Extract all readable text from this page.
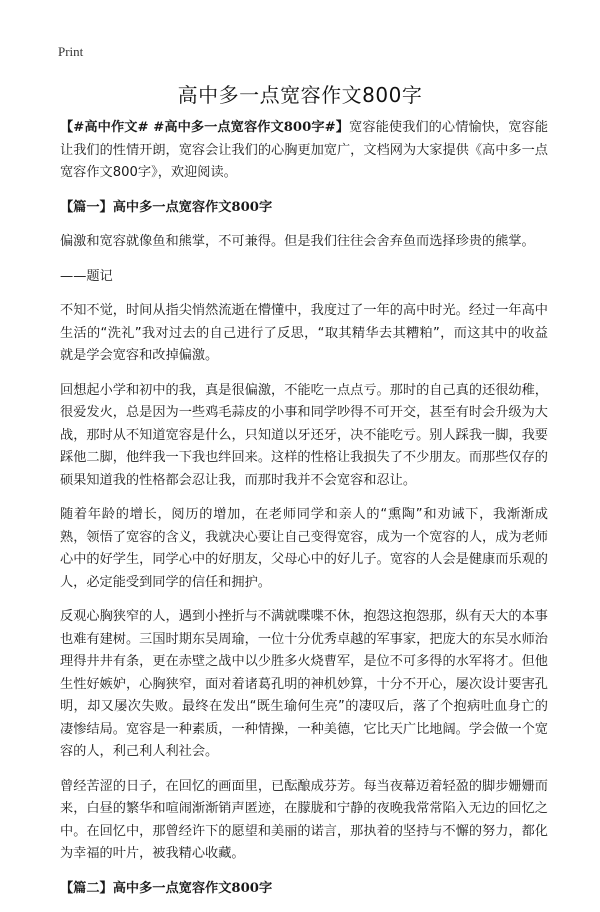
Print
高中多一点宽容作文800字

【#高中作文# #高中多一点宽容作文800字#】宽容能使我们的心情愉快，宽容能让我们的性情开朗，宽容会让我们的心胸更加宽广，文档网为大家提供《高中多一点宽容作文800字》，欢迎阅读。

【篇一】高中多一点宽容作文800字

偏激和宽容就像鱼和熊掌，不可兼得。但是我们往往会舍弃鱼而选择珍贵的熊掌。

——题记

不知不觉，时间从指尖悄然流逝在懵懂中，我度过了一年的高中时光。经过一年高中生活的“洗礼”我对过去的自己进行了反思，“取其精华去其糟粕”，而这其中的收益就是学会宽容和改掉偏激。

回想起小学和初中的我，真是很偏激，不能吃一点点亏。那时的自己真的还很幼稚，很爱发火，总是因为一些鸡毛蒜皮的小事和同学吵得不可开交，甚至有时会升级为大战，那时从不知道宽容是什么，只知道以牙还牙，决不能吃亏。别人踩我一脚，我要踩他二脚，他绊我一下我也绊回来。这样的性格让我损失了不少朋友。而那些仅存的硕果知道我的性格都会忍让我，而那时我并不会宽容和忍让。

随着年龄的增长，阅历的增加，在老师同学和亲人的“熏陶”和劝诫下，我渐渐成熟，领悟了宽容的含义，我就决心要让自己变得宽容，成为一个宽容的人，成为老师心中的好学生，同学心中的好朋友，父母心中的好儿子。宽容的人会是健康而乐观的人，必定能受到同学的信任和拥护。

反观心胸狭窄的人，遇到小挫折与不满就喋喋不休，抱怨这抱怨那，纵有天大的本事也难有建树。三国时期东吴周瑜，一位十分优秀卓越的军事家，把庞大的东吴水师治理得井井有条，更在赤壁之战中以少胜多火烧曹军，是位不可多得的水军将才。但他生性好嫉妒，心胸狭窄，面对着诸葛孔明的神机妙算，十分不开心，屡次设计要害孔明，却又屡次失败。最终在发出“既生瑜何生亮”的凄叹后，落了个抱病吐血身亡的凄惨结局。宽容是一种素质，一种情操，一种美德，它比天广比地阔。学会做一个宽容的人，利己利人利社会。

曾经苦涩的日子，在回忆的画面里，已酝酿成芬芳。每当夜幕迈着轻盈的脚步姗姗而来，白昼的繁华和喧闹渐渐销声匿迹，在朦胧和宁静的夜晚我常常陷入无边的回忆之中。在回忆中，那曾经许下的愿望和美丽的诺言，那执着的坚持与不懈的努力，都化为幸福的叶片，被我精心收藏。

【篇二】高中多一点宽容作文800字
